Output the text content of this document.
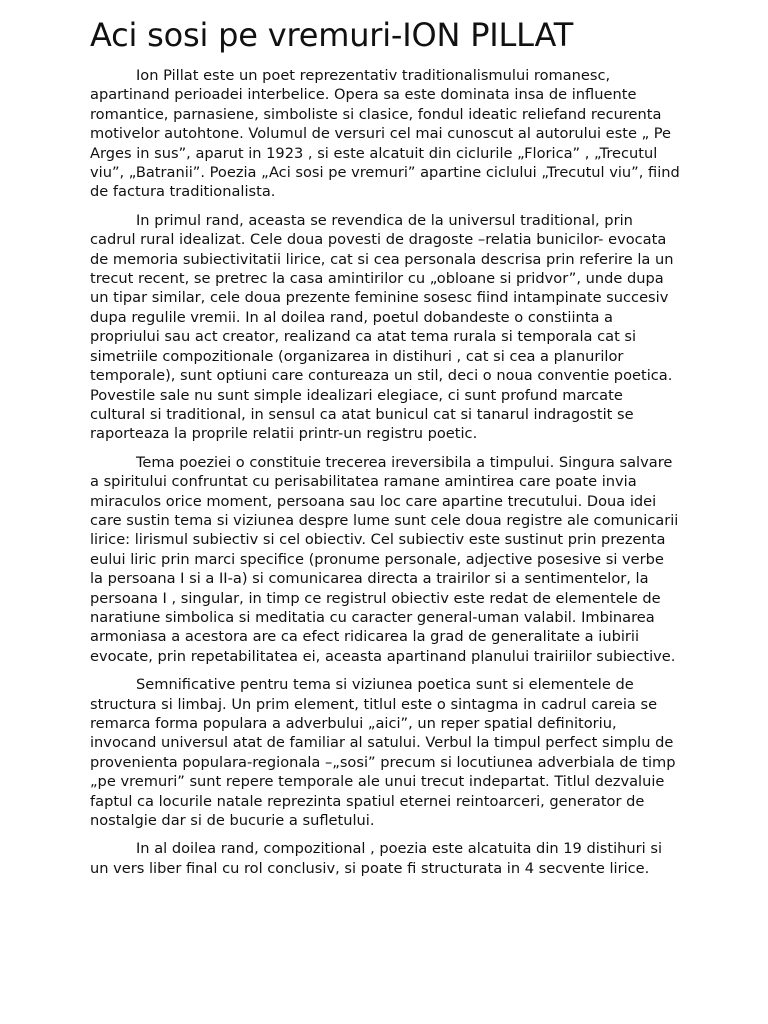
Aci sosi pe vremuri-ION PILLAT

Ion Pillat este un poet reprezentativ traditionalismului romanesc, apartinand perioadei interbelice. Opera sa este dominata insa de influente romantice, parnasiene, simboliste si clasice, fondul ideatic reliefand recurenta motivelor autohtone. Volumul de versuri cel mai cunoscut al autorului este „ Pe Arges in sus”, aparut in 1923 , si este alcatuit din ciclurile „Florica” , „Trecutul viu”, „Batranii”. Poezia „Aci sosi pe vremuri” apartine ciclului „Trecutul viu”, fiind de factura traditionalista.

In primul rand, aceasta se revendica de la universul traditional, prin cadrul rural idealizat. Cele doua povesti de dragoste –relatia bunicilor- evocata de memoria subiectivitatii lirice, cat si cea personala descrisa prin referire la un trecut recent, se pretrec la casa amintirilor cu „obloane si pridvor”, unde dupa un tipar similar, cele doua prezente feminine sosesc fiind intampinate succesiv dupa regulile vremii. In al doilea rand, poetul dobandeste o constiinta a propriului sau act creator, realizand ca atat tema rurala si temporala cat si simetriile compozitionale (organizarea in distihuri , cat si cea a planurilor temporale), sunt optiuni care contureaza un stil, deci o noua conventie poetica. Povestile sale nu sunt simple idealizari elegiace, ci sunt profund marcate cultural si traditional, in sensul ca atat bunicul cat si tanarul indragostit se raporteaza la proprile relatii printr-un registru poetic.

Tema poeziei o constituie trecerea ireversibila a timpului. Singura salvare a spiritului confruntat cu perisabilitatea ramane amintirea care poate invia miraculos orice moment, persoana sau loc care apartine trecutului. Doua idei care sustin tema si viziunea despre lume sunt cele doua registre ale comunicarii lirice: lirismul subiectiv si cel obiectiv. Cel subiectiv este sustinut prin prezenta eului liric prin marci specifice (pronume personale, adjective posesive si verbe la persoana I si a II-a) si comunicarea directa a trairilor si a sentimentelor, la persoana I , singular, in timp ce registrul obiectiv este redat de elementele de naratiune simbolica si meditatia cu caracter general-uman valabil. Imbinarea armoniasa a acestora are ca efect ridicarea la grad de generalitate a iubirii evocate, prin repetabilitatea ei, aceasta apartinand planului trairiilor subiective.

Semnificative pentru tema si viziunea poetica sunt si elementele de structura si limbaj. Un prim element, titlul este o sintagma in cadrul careia se remarca forma populara a adverbului „aici”, un reper spatial definitoriu, invocand universul atat de familiar al satului. Verbul la timpul perfect simplu de provenienta populara-regionala –„sosi” precum si locutiunea adverbiala de timp „pe vremuri” sunt repere temporale ale unui trecut indepartat. Titlul dezvaluie faptul ca locurile natale reprezinta spatiul eternei reintoarceri, generator de nostalgie dar si de bucurie a sufletului.

In al doilea rand, compozitional , poezia este alcatuita din 19 distihuri si un vers liber final cu rol conclusiv, si poate fi structurata in 4 secvente lirice.
